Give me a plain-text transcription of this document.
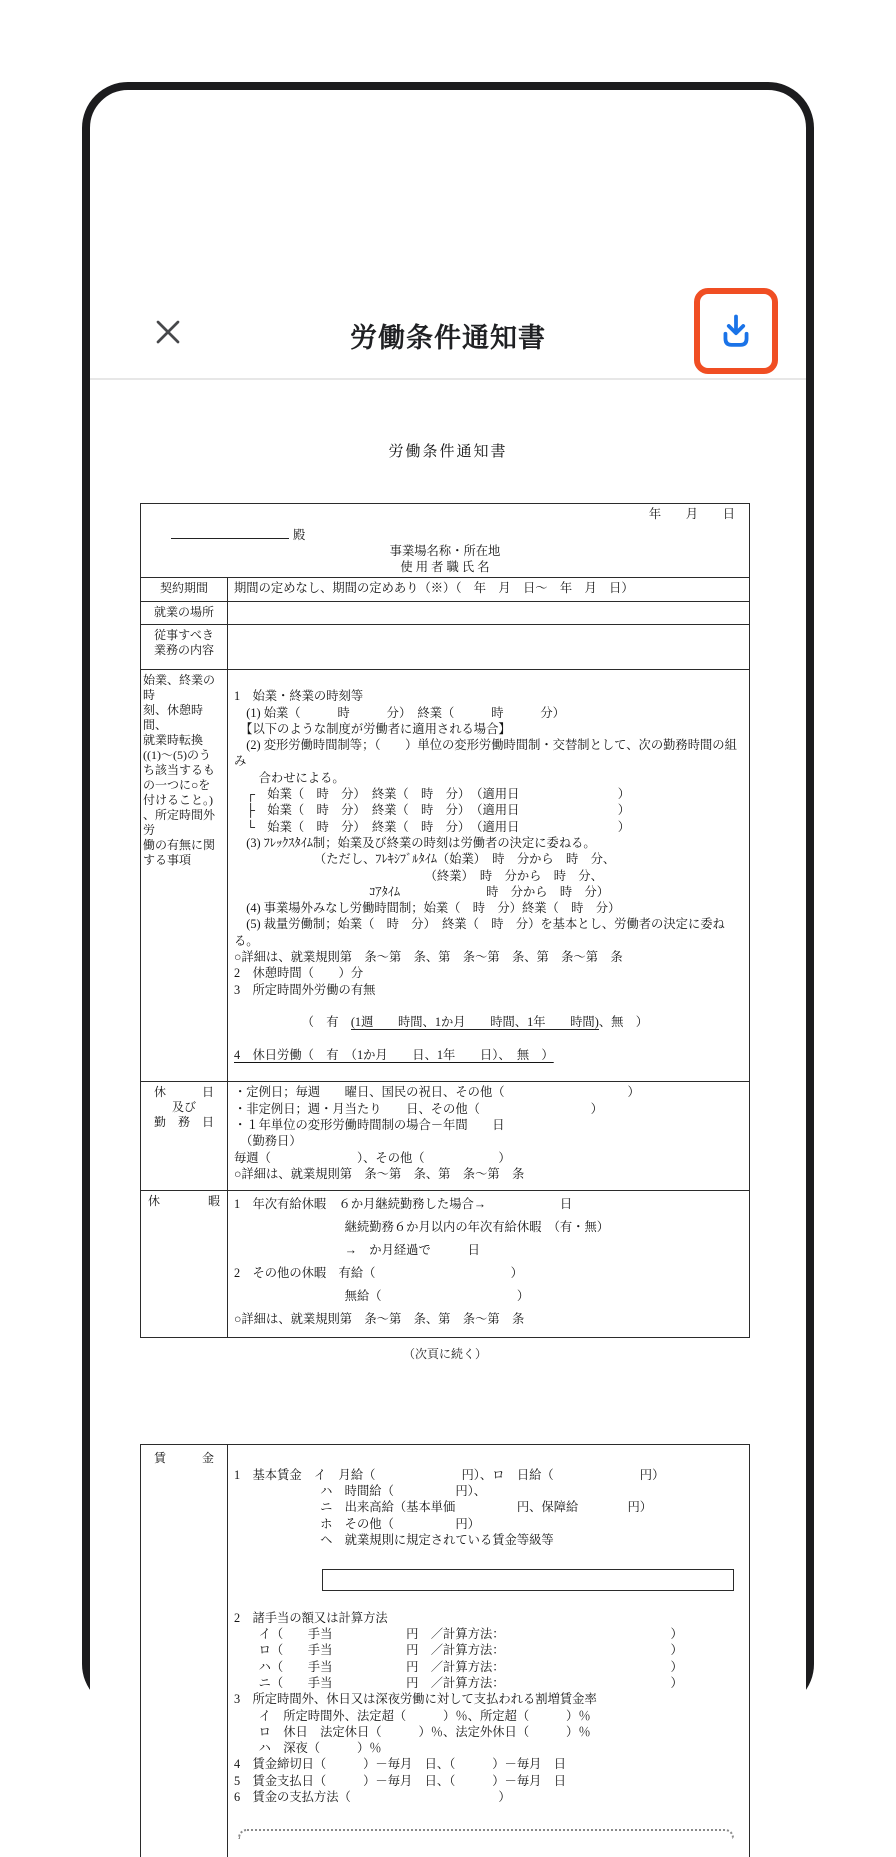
労働条件通知書
労働条件通知書
年　　月　　日
殿
事業場名称・所在地
使 用 者 職 氏 名
契約期間	期間の定めなし、期間の定めあり（※）（　年　月　日～　年　月　日）
就業の場所
従事すべき
業務の内容
始業、終業の時
刻、休憩時間、
就業時転換
((1)～(5)のう
ち該当するも
の一つに○を
付けること。)
、所定時間外労
働の有無に関
する事項

1　始業・終業の時刻等
　(1) 始業（　　　時　　　分）　終業（　　　時　　　分）
　【以下のような制度が労働者に適用される場合】
　(2) 変形労働時間制等；（　　）単位の変形労働時間制・交替制として、次の勤務時間の組み
　　合わせによる。
　┌　始業（　時　分）　終業（　時　分）　（適用日　　　　　　　　）
　├　始業（　時　分）　終業（　時　分）　（適用日　　　　　　　　）
　└　始業（　時　分）　終業（　時　分）　（適用日　　　　　　　　）
　(3) ﾌﾚｯｸｽﾀｲﾑ制；始業及び終業の時刻は労働者の決定に委ねる。
　　　　　　　（ただし、ﾌﾚｷｼﾌﾞﾙﾀｲﾑ（始業）　時　分から　時　分、
　　　　　　　　　　　　　　　　（終業）　時　分から　時　分、
　　　　　　　　　　　ｺｱﾀｲﾑ　　　　　　　時　分から　時　分）
　(4) 事業場外みなし労働時間制；始業（　時　分）終業（　時　分）
　(5) 裁量労働制；始業（　時　分）　終業（　時　分）を基本とし、労働者の決定に委ねる。
○詳細は、就業規則第　条～第　条、第　条～第　条、第　条～第　条
2　休憩時間（　　）分
3　所定時間外労働の有無

　　　　　　（　有　(1週　　時間、1か月　　時間、1年　　時間)、無　）

4　休日労働（　有　（1か月　　日、1年　　日）、　無　）

休　　　日
及び
勤　務　日
・定例日；毎週　　曜日、国民の祝日、その他（　　　　　　　　　　）
・非定例日；週・月当たり　　日、その他（　　　　　　　　　）
・１年単位の変形労働時間制の場合－年間　　日
　（勤務日）
毎週（　　　　　　　）、その他（　　　　　　）
○詳細は、就業規則第　条～第　条、第　条～第　条
休　　　　暇	1　年次有給休暇　６か月継続勤務した場合→　　　　　　日
　　　　　　　　　継続勤務６か月以内の年次有給休暇　（有・無）
　　　　　　　　　→　か月経過で　　　日
2　その他の休暇　有給（　　　　　　　　　　　）
　　　　　　　　　無給（　　　　　　　　　　　）
○詳細は、就業規則第　条～第　条、第　条～第　条
（次頁に続く）
賃　　　金

1　基本賃金　イ　月給（　　　　　　　円）、ロ　日給（　　　　　　　円）
　　　　　　　ハ　時間給（　　　　　円）、
　　　　　　　ニ　出来高給（基本単価　　　　　円、保障給　　　　円）
　　　　　　　ホ　その他（　　　　　円）
　　　　　　　ヘ　就業規則に規定されている賃金等級等

2　諸手当の額又は計算方法
　　イ（　　手当　　　　　　円　／計算方法：　　　　　　　　　　　　　　）
　　ロ（　　手当　　　　　　円　／計算方法：　　　　　　　　　　　　　　）
　　ハ（　　手当　　　　　　円　／計算方法：　　　　　　　　　　　　　　）
　　ニ（　　手当　　　　　　円　／計算方法：　　　　　　　　　　　　　　）
3　所定時間外、休日又は深夜労働に対して支払われる割増賃金率
　　イ　所定時間外、法定超（　　　）％、所定超（　　　）％
　　ロ　休日　法定休日（　　　）％、法定外休日（　　　）％
　　ハ　深夜（　　　）％
4　賃金締切日（　　　）－毎月　日、（　　　）－毎月　日
5　賃金支払日（　　　）－毎月　日、（　　　）－毎月　日
6　賃金の支払方法（　　　　　　　　　　　　）
